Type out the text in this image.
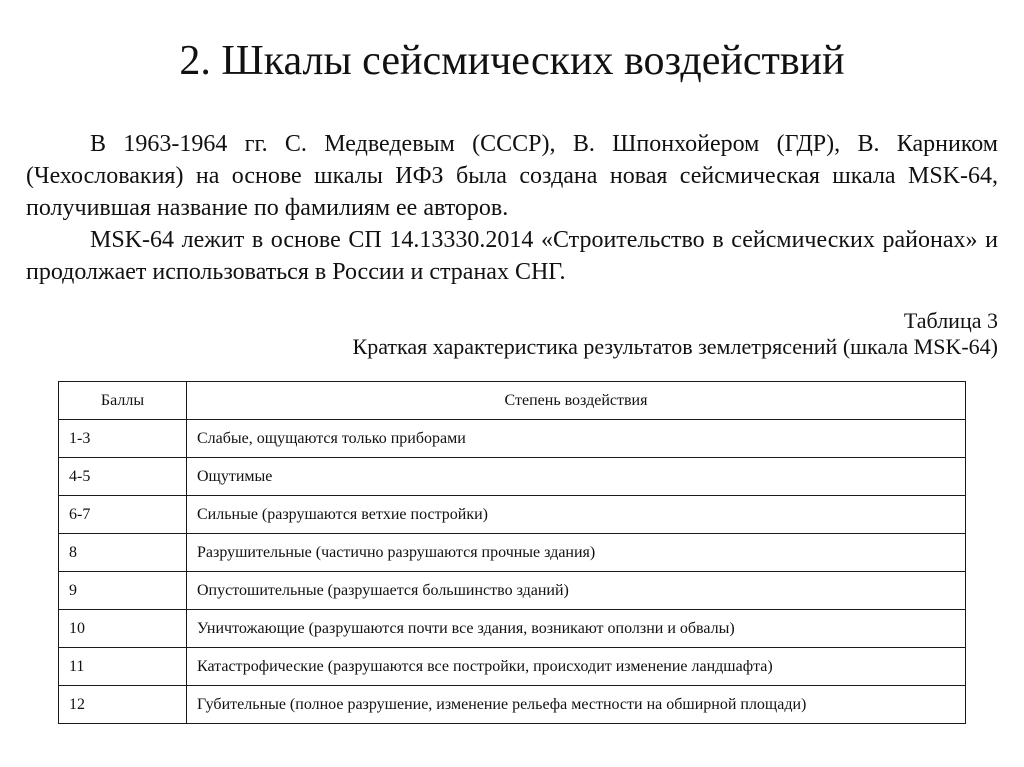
2. Шкалы сейсмических воздействий

В 1963-1964 гг. С. Медведевым (СССР), В. Шпонхойером (ГДР), В. Карником (Чехословакия) на основе шкалы ИФЗ была создана новая сейсмическая шкала MSK-64, получившая название по фамилиям ее авторов.

MSK-64 лежит в основе СП 14.13330.2014 «Строительство в сейсмических районах» и продолжает использоваться в России и странах СНГ.

Таблица 3
Краткая характеристика результатов землетрясений (шкала MSK-64)
Баллы	Степень воздействия
1-3	Слабые, ощущаются только приборами
4-5	Ощутимые
6-7	Сильные (разрушаются ветхие постройки)
8	Разрушительные (частично разрушаются прочные здания)
9	Опустошительные (разрушается большинство зданий)
10	Уничтожающие (разрушаются почти все здания, возникают оползни и обвалы)
11	Катастрофические (разрушаются все постройки, происходит изменение ландшафта)
12	Губительные (полное разрушение, изменение рельефа местности на обширной площади)
